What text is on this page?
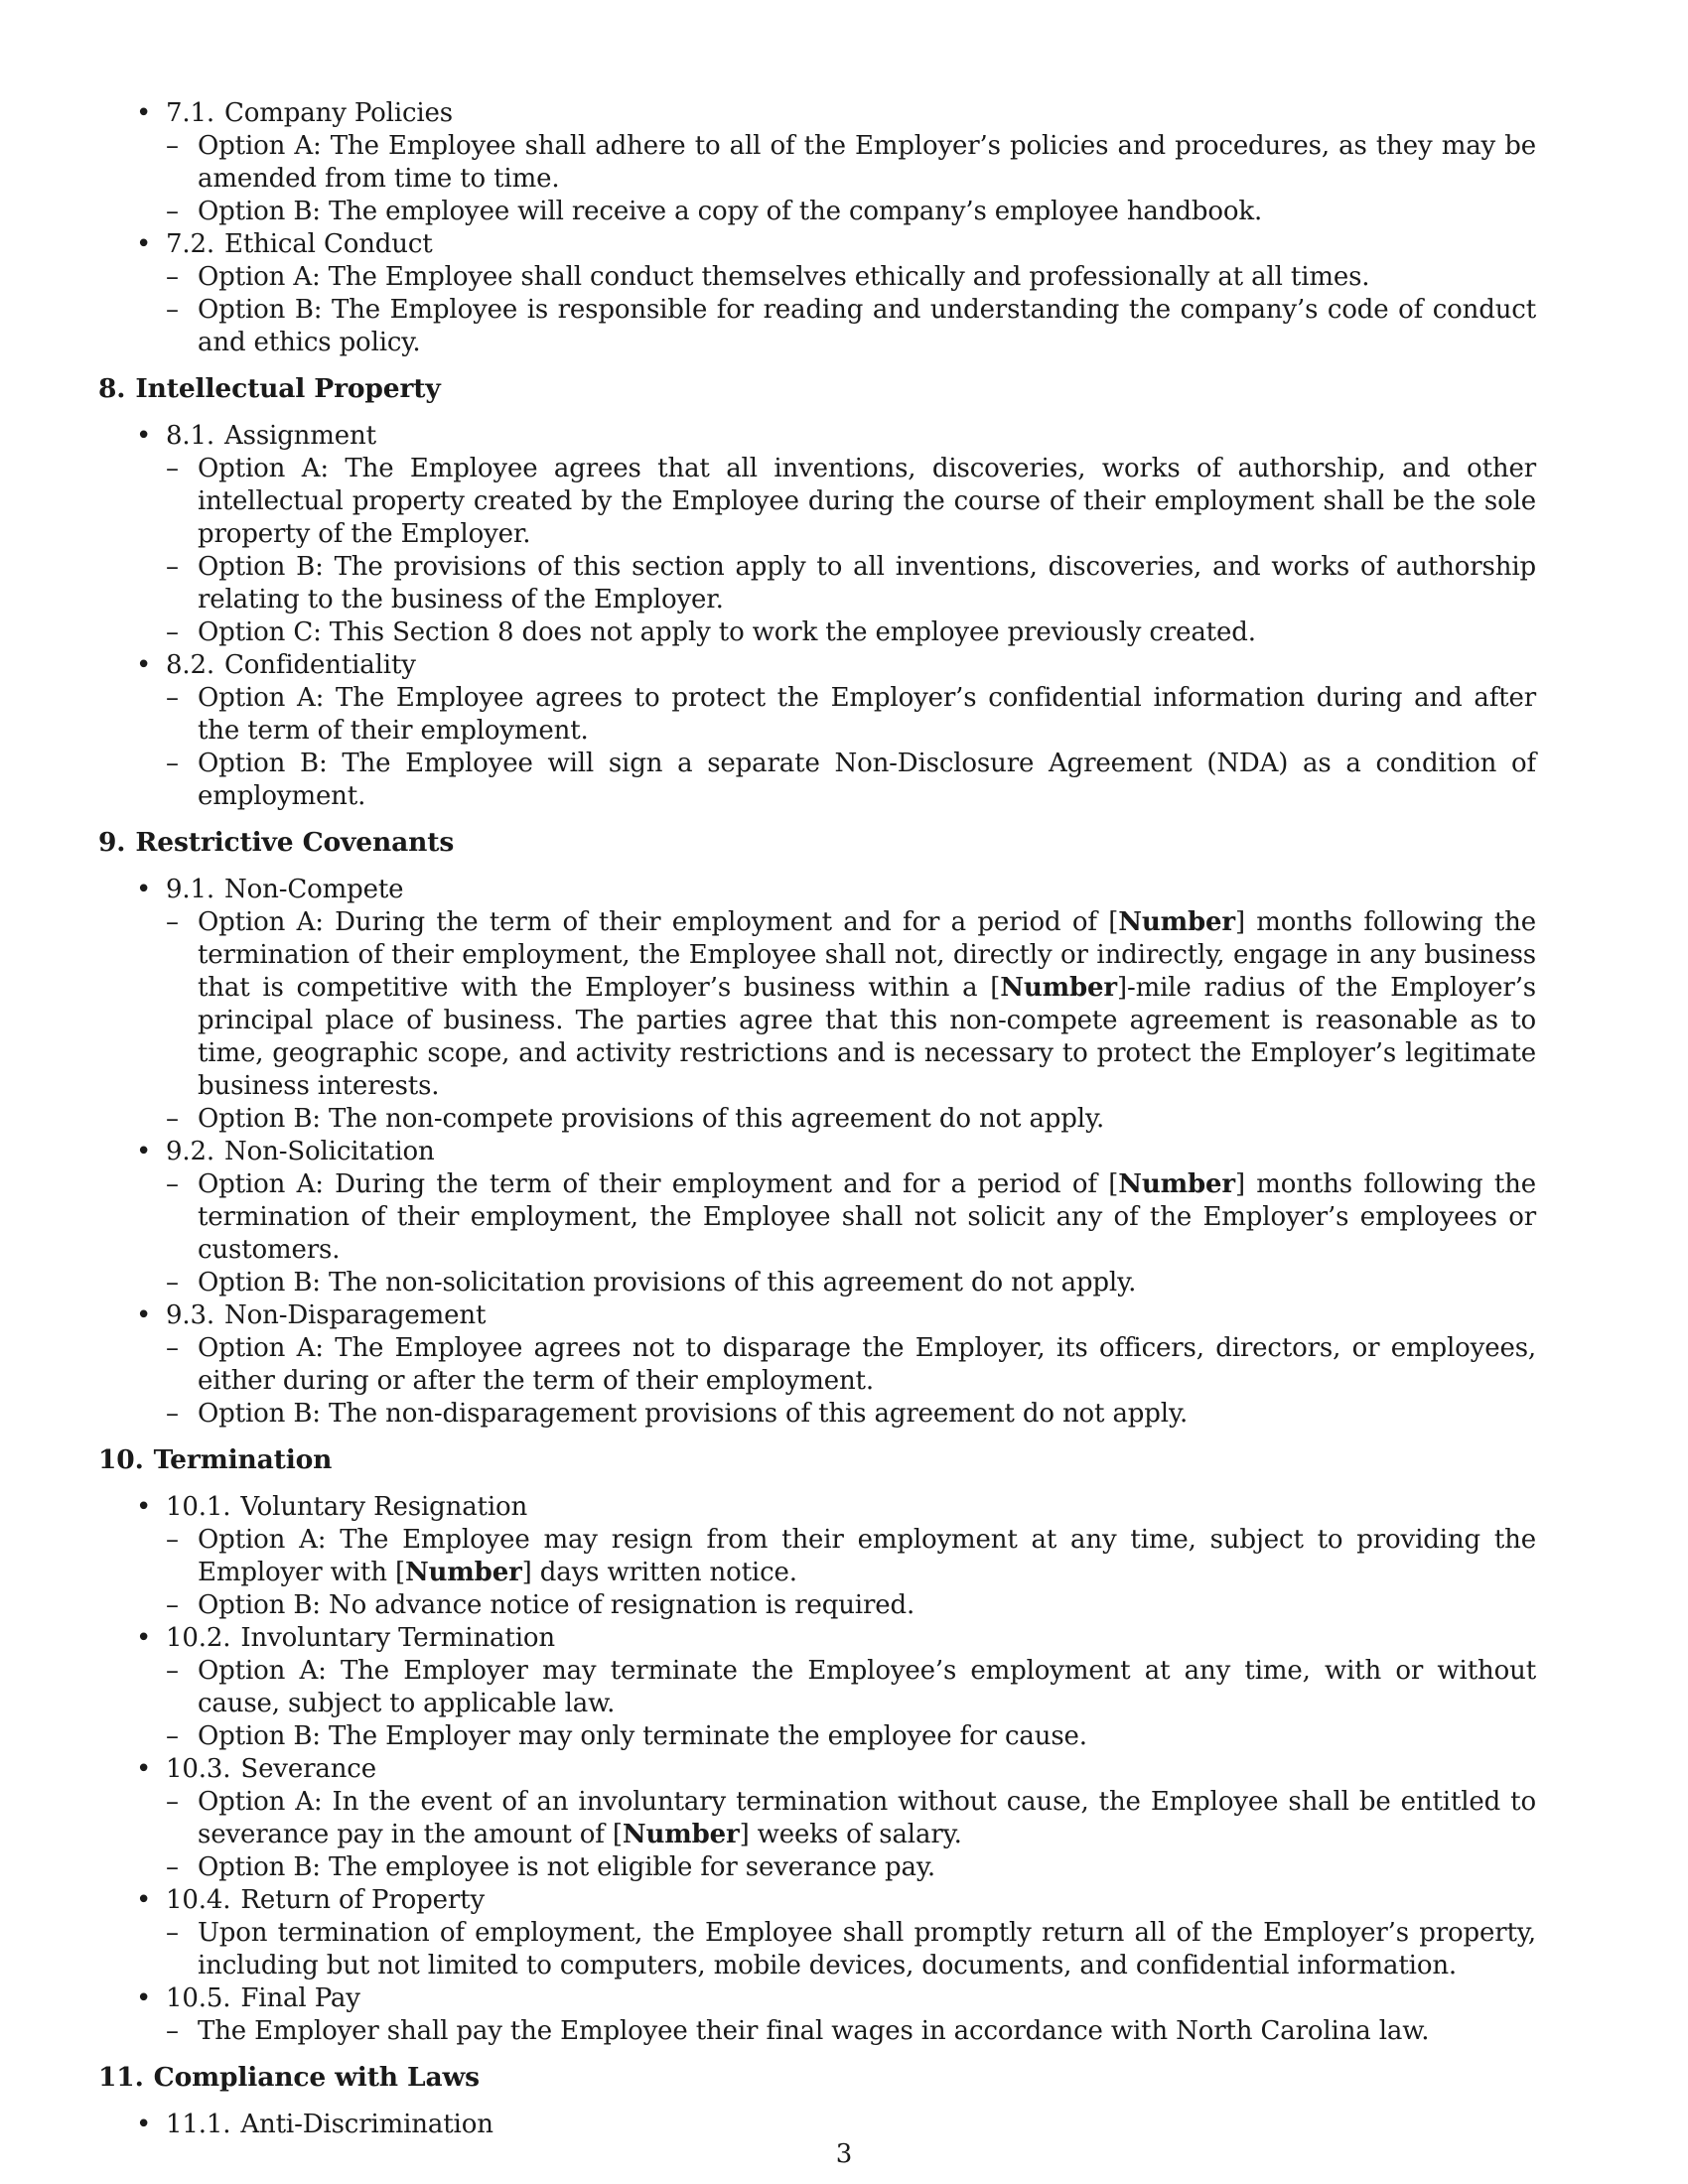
• 7.1. Company Policies
– Option A: The Employee shall adhere to all of the Employer’s policies and procedures, as they may be amended from time to time.
– Option B: The employee will receive a copy of the company’s employee handbook.
• 7.2. Ethical Conduct
– Option A: The Employee shall conduct themselves ethically and professionally at all times.
– Option B: The Employee is responsible for reading and understanding the company’s code of conduct and ethics policy.
8. Intellectual Property
• 8.1. Assignment
– Option A: The Employee agrees that all inventions, discoveries, works of authorship, and other intellectual property created by the Employee during the course of their employment shall be the sole property of the Employer.
– Option B: The provisions of this section apply to all inventions, discoveries, and works of authorship relating to the business of the Employer.
– Option C: This Section 8 does not apply to work the employee previously created.
• 8.2. Confidentiality
– Option A: The Employee agrees to protect the Employer’s confidential information during and after the term of their employment.
– Option B: The Employee will sign a separate Non-Disclosure Agreement (NDA) as a condition of employment.
9. Restrictive Covenants
• 9.1. Non-Compete
– Option A: During the term of their employment and for a period of [Number] months following the termination of their employment, the Employee shall not, directly or indirectly, engage in any business that is competitive with the Employer’s business within a [Number]-mile radius of the Employer’s principal place of business. The parties agree that this non-compete agreement is reasonable as to time, geographic scope, and activity restrictions and is necessary to protect the Employer’s legitimate business interests.
– Option B: The non-compete provisions of this agreement do not apply.
• 9.2. Non-Solicitation
– Option A: During the term of their employment and for a period of [Number] months following the termination of their employment, the Employee shall not solicit any of the Employer’s employees or customers.
– Option B: The non-solicitation provisions of this agreement do not apply.
• 9.3. Non-Disparagement
– Option A: The Employee agrees not to disparage the Employer, its officers, directors, or employees, either during or after the term of their employment.
– Option B: The non-disparagement provisions of this agreement do not apply.
10. Termination
• 10.1. Voluntary Resignation
– Option A: The Employee may resign from their employment at any time, subject to providing the Employer with [Number] days written notice.
– Option B: No advance notice of resignation is required.
• 10.2. Involuntary Termination
– Option A: The Employer may terminate the Employee’s employment at any time, with or without cause, subject to applicable law.
– Option B: The Employer may only terminate the employee for cause.
• 10.3. Severance
– Option A: In the event of an involuntary termination without cause, the Employee shall be entitled to severance pay in the amount of [Number] weeks of salary.
– Option B: The employee is not eligible for severance pay.
• 10.4. Return of Property
– Upon termination of employment, the Employee shall promptly return all of the Employer’s property, including but not limited to computers, mobile devices, documents, and confidential information.
• 10.5. Final Pay
– The Employer shall pay the Employee their final wages in accordance with North Carolina law.
11. Compliance with Laws
• 11.1. Anti-Discrimination
3
